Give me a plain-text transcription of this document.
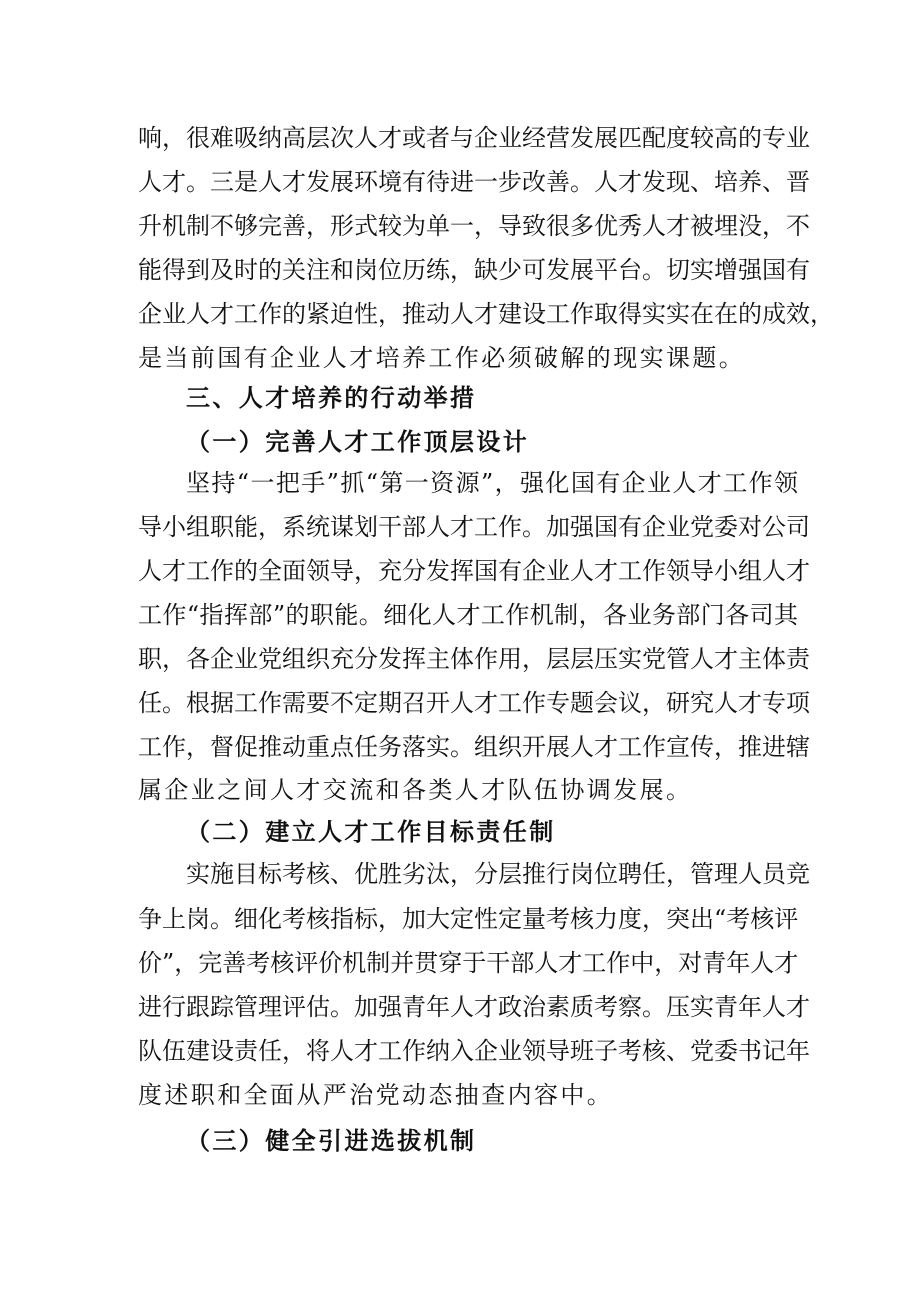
响，很难吸纳高层次人才或者与企业经营发展匹配度较高的专业
人才。三是人才发展环境有待进一步改善。人才发现、培养、晋
升机制不够完善，形式较为单一，导致很多优秀人才被埋没，不
能得到及时的关注和岗位历练，缺少可发展平台。切实增强国有
企业人才工作的紧迫性，推动人才建设工作取得实实在在的成效，
是当前国有企业人才培养工作必须破解的现实课题。
三、人才培养的行动举措
（一）完善人才工作顶层设计
坚持“一把手”抓“第一资源”，强化国有企业人才工作领
导小组职能，系统谋划干部人才工作。加强国有企业党委对公司
人才工作的全面领导，充分发挥国有企业人才工作领导小组人才
工作“指挥部”的职能。细化人才工作机制，各业务部门各司其
职，各企业党组织充分发挥主体作用，层层压实党管人才主体责
任。根据工作需要不定期召开人才工作专题会议，研究人才专项
工作，督促推动重点任务落实。组织开展人才工作宣传，推进辖
属企业之间人才交流和各类人才队伍协调发展。
（二）建立人才工作目标责任制
实施目标考核、优胜劣汰，分层推行岗位聘任，管理人员竞
争上岗。细化考核指标，加大定性定量考核力度，突出“考核评
价”，完善考核评价机制并贯穿于干部人才工作中，对青年人才
进行跟踪管理评估。加强青年人才政治素质考察。压实青年人才
队伍建设责任，将人才工作纳入企业领导班子考核、党委书记年
度述职和全面从严治党动态抽查内容中。
（三）健全引进选拔机制
